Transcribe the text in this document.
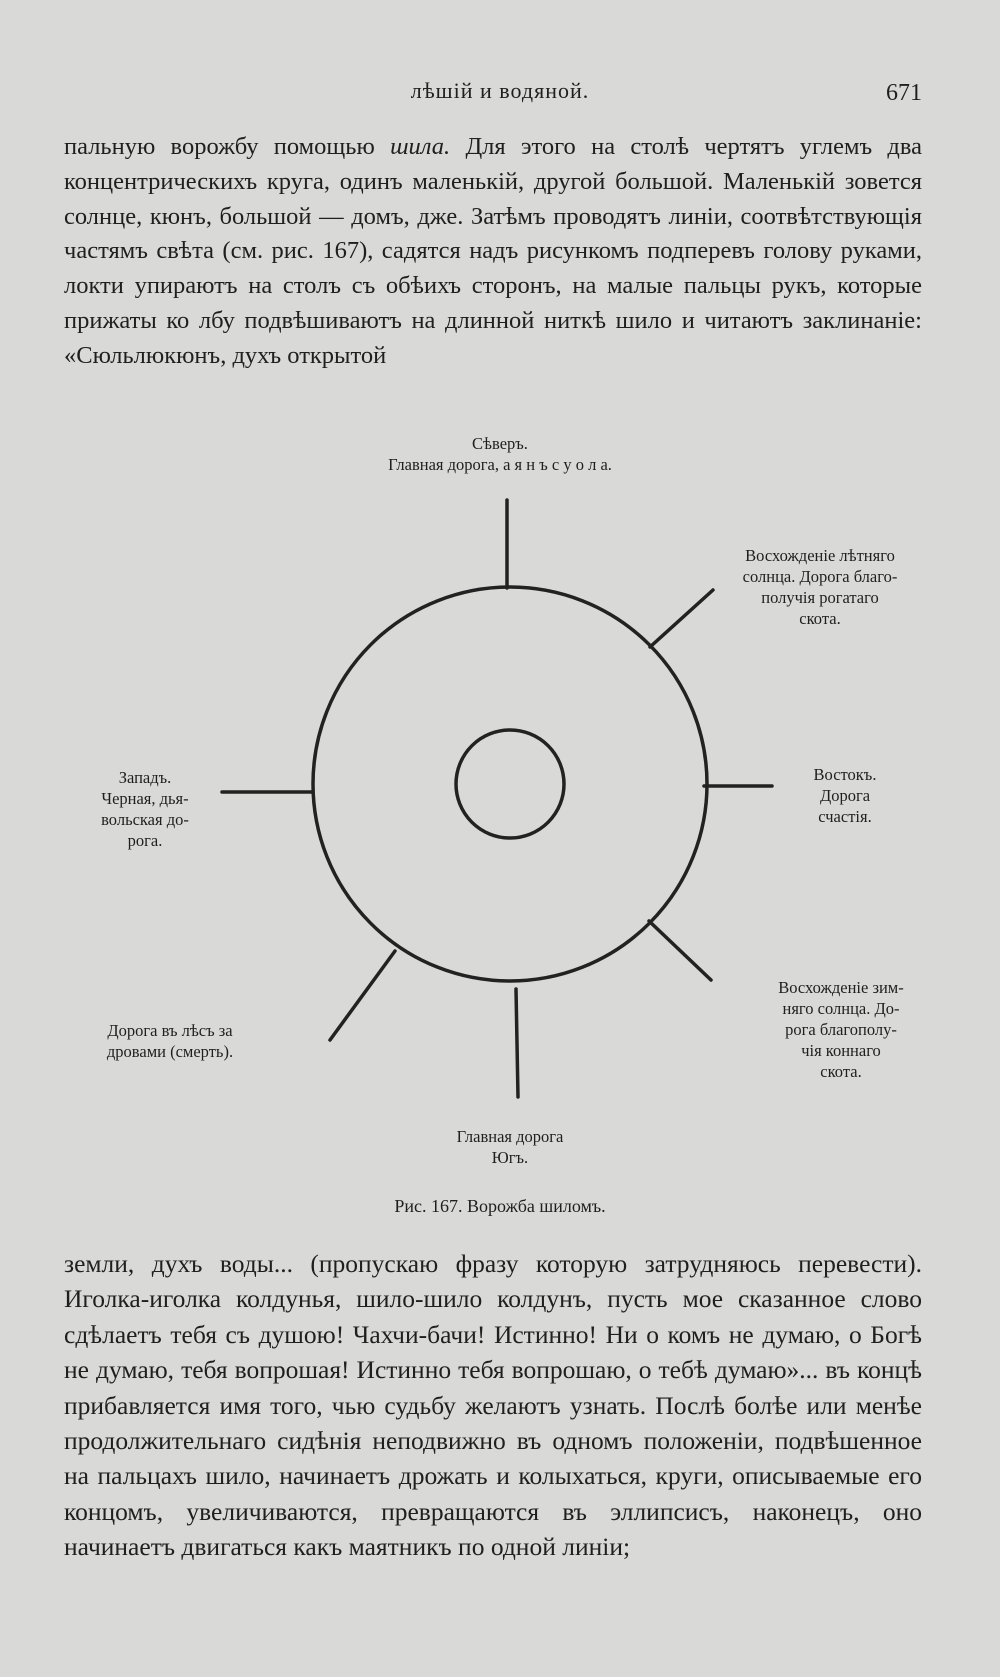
лѣшій и водяной.	671

пальную ворожбу помощью шила. Для этого на столѣ чертятъ углемъ два концентрическихъ круга, одинъ маленькій, другой большой. Маленькій зовется солнце, кюнъ, большой — домъ, дже. Затѣмъ проводятъ линіи, соотвѣтствующія частямъ свѣта (см. рис. 167), садятся надъ рисункомъ подперевъ голову руками, локти упираютъ на столъ съ обѣихъ сторонъ, на малые пальцы рукъ, которые прижаты ко лбу подвѣшиваютъ на длинной ниткѣ шило и читаютъ заклинаніе: «Сюльлюкюнъ, духъ открытой

Сѣверъ.
Главная дорога, а я н ъ с у о л а.
Восхожденіе лѣтняго
солнца. Дорога благо-
получія рогатаго
скота.
Западъ.
Черная, дья-
вольская до-
рога.
Востокъ.
Дорога
счастія.
Дорога въ лѣсъ за
дровами (смерть).
Восхожденіе зим-
няго солнца. До-
рога благополу-
чія коннаго
скота.
Главная дорога
Югъ.
Рис. 167. Ворожба шиломъ.

земли, духъ воды... (пропускаю фразу которую затрудняюсь перевести). Иголка-иголка колдунья, шило-шило колдунъ, пусть мое сказанное слово сдѣлаетъ тебя съ душою! Чахчи-бачи! Истинно! Ни о комъ не думаю, о Богѣ не думаю, тебя вопрошая! Истинно тебя вопрошаю, о тебѣ думаю»... въ концѣ прибавляется имя того, чью судьбу желаютъ узнать. Послѣ болѣе или менѣе продолжительнаго сидѣнія неподвижно въ одномъ положеніи, подвѣшенное на пальцахъ шило, начинаетъ дрожать и колыхаться, круги, описываемые его концомъ, увеличиваются, превращаются въ эллипсисъ, наконецъ, оно начинаетъ двигаться какъ маятникъ по одной линіи;
